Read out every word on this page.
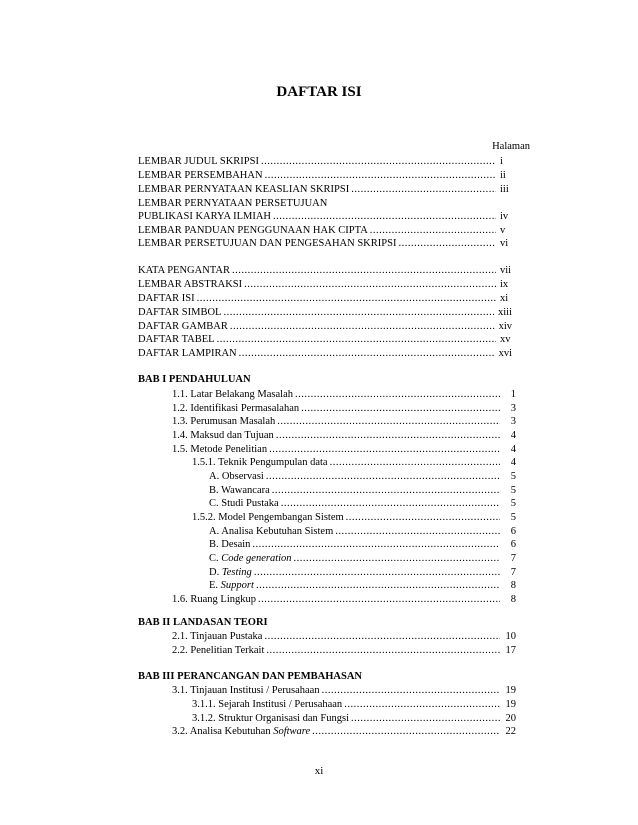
DAFTAR ISI
Halaman
LEMBAR JUDUL SKRIPSI .....	i
LEMBAR PERSEMBAHAN .....	ii
LEMBAR PERNYATAAN KEASLIAN SKRIPSI .....	iii
LEMBAR PERNYATAAN PERSETUJUAN
PUBLIKASI KARYA ILMIAH .....	iv
LEMBAR PANDUAN PENGGUNAAN HAK CIPTA .....	v
LEMBAR PERSETUJUAN DAN PENGESAHAN SKRIPSI .....	vi
KATA PENGANTAR .....	vii
LEMBAR ABSTRAKSI .....	ix
DAFTAR ISI .....	xi
DAFTAR SIMBOL .....	xiii
DAFTAR GAMBAR .....	xiv
DAFTAR TABEL .....	xv
DAFTAR LAMPIRAN .....	xvi
BAB I PENDAHULUAN
1.1. Latar Belakang Masalah .....	1
1.2. Identifikasi Permasalahan .....	3
1.3. Perumusan Masalah .....	3
1.4. Maksud dan Tujuan .....	4
1.5. Metode Penelitian .....	4
1.5.1. Teknik Pengumpulan data .....	4
A. Observasi .....	5
B. Wawancara .....	5
C. Studi Pustaka .....	5
1.5.2. Model Pengembangan Sistem .....	5
A. Analisa Kebutuhan Sistem .....	6
B. Desain .....	6
C. Code generation .....	7
D. Testing .....	7
E. Support .....	8
1.6. Ruang Lingkup .....	8
BAB II LANDASAN TEORI
2.1. Tinjauan Pustaka .....	10
2.2. Penelitian Terkait .....	17
BAB III PERANCANGAN DAN PEMBAHASAN
3.1. Tinjauan Institusi / Perusahaan .....	19
3.1.1. Sejarah Institusi / Perusahaan .....	19
3.1.2. Struktur Organisasi dan Fungsi .....	20
3.2. Analisa Kebutuhan Software .....	22
xi
